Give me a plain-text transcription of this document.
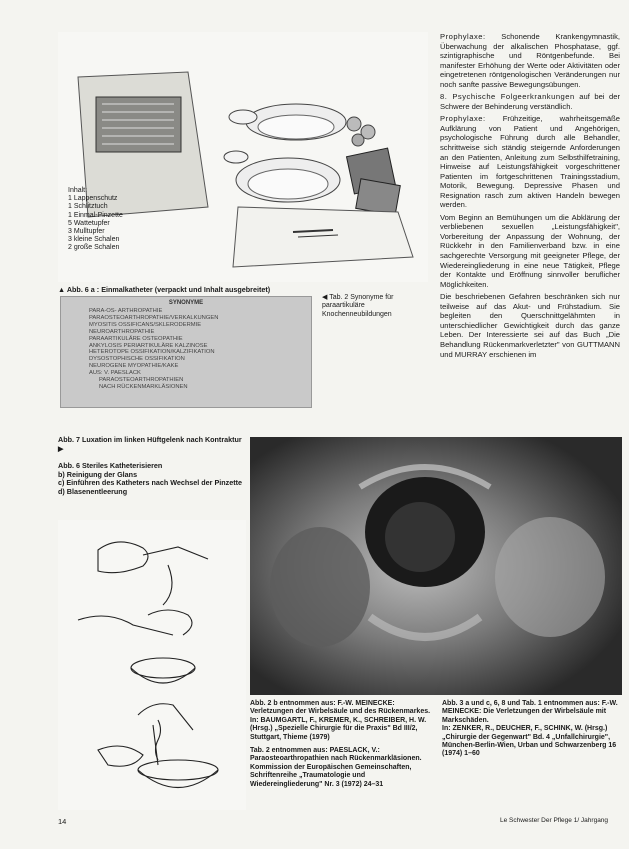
Inhalt:
1 Lappenschutz
1 Schlitztuch
1 Einmal-Pinzette
5 Wattetupfer
3 Mulltupfer
3 kleine Schalen
2 große Schalen
▲ Abb. 6 a : Einmalkatheter (verpackt und Inhalt ausgebreitet)
SYNONYME
PARA-OS- ARTHROPATHIE
PARAOSTEOARTHROPATHIE/VERKALKUNGEN
MYOSITIS OSSIFICANS/SKLERODERMIE
NEUROARTHROPATHIE
PARAARTIKULÄRE OSTEOPATHIE
ANKYLOSIS PERIARTIKULÄRE KALZINOSE
HETEROTOPE OSSIFIKATION/KALZIFIKATION
DYSOSTOPHISCHE OSSIFIKATION
NEUROGENE MYOPATHIE/KAKE
AUS: V. PAESLACK
PARAOSTEOARTHROPATHIEN
NACH RÜCKENMARKLÄSIONEN
◀ Tab. 2 Synonyme für paraartikuläre Knochenneubildungen
Abb. 7 Luxation im linken Hüftgelenk nach Kontraktur ▶
Abb. 6 Steriles Katheterisieren
b) Reinigung der Glans
c) Einführen des Katheters nach Wechsel der Pinzette
d) Blasenentleerung
Abb. 2 b entnommen aus: F.-W. MEINECKE: Verletzungen der Wirbelsäule und des Rückenmarkes.
In: BAUMGARTL, F., KREMER, K., SCHREIBER, H. W. (Hrsg.) „Spezielle Chirurgie für die Praxis" Bd III/2, Stuttgart, Thieme (1979)
Tab. 2 entnommen aus: PAESLACK, V.: Paraosteoarthropathien nach Rückenmarkläsionen. Kommission der Europäischen Gemeinschaften, Schriftenreihe „Traumatologie und Wiedereingliederung" Nr. 3 (1972) 24–31
Abb. 3 a und c, 6, 8 und Tab. 1 entnommen aus: F.-W. MEINECKE: Die Verletzungen der Wirbelsäule mit Markschäden.
In: ZENKER, R., DEUCHER, F., SCHINK, W. (Hrsg.) „Chirurgie der Gegenwart" Bd. 4 „Unfallchirurgie", München-Berlin-Wien, Urban und Schwarzenberg 16 (1974) 1–60

Prophylaxe: Schonende Krankengymnastik, Überwachung der alkalischen Phosphatase, ggf. szintigraphische und Röntgenbefunde. Bei manifester Erhöhung der Werte oder Aktivitäten oder eingetretenen röntgenologischen Veränderungen nur noch sanfte passive Bewegungsübungen.

8. Psychische Folgeerkrankungen auf bei der Schwere der Behinderung verständlich.

Prophylaxe: Frühzeitige, wahrheitsgemäße Aufklärung von Patient und Angehörigen, psychologische Führung durch alle Behandler, schrittweise sich ständig steigernde Anforderungen an den Patienten, Anleitung zum Selbsthilfetraining, Hinweise auf Leistungsfähigkeit vorgeschrittener Patienten im fortgeschrittenen Trainingsstadium, Motorik, Bewegung. Depressive Phasen und Resignation rasch zum aktiven Handeln bewegen werden.

Vom Beginn an Bemühungen um die Abklärung der verbliebenen sexuellen „Leistungsfähigkeit", Vorbereitung der Anpassung der Wohnung, der Rückkehr in den Familienverband bzw. in eine sachgerechte Versorgung mit geeigneter Pflege, der Wiedereingliederung in eine neue Tätigkeit, Pflege der Kontakte und Eröffnung sinnvoller beruflicher Möglichkeiten.

Die beschriebenen Gefahren beschränken sich nur teilweise auf das Akut- und Frühstadium. Sie begleiten den Querschnittgelähmten in unterschiedlicher Gewichtigkeit durch das ganze Leben. Der Interessierte sei auf das Buch „Die Behandlung Rückenmarkverletzter" von GUTTMANN und MURRAY erschienen im

14	Le Schwester Der Pflege 1/ Jahrgang
